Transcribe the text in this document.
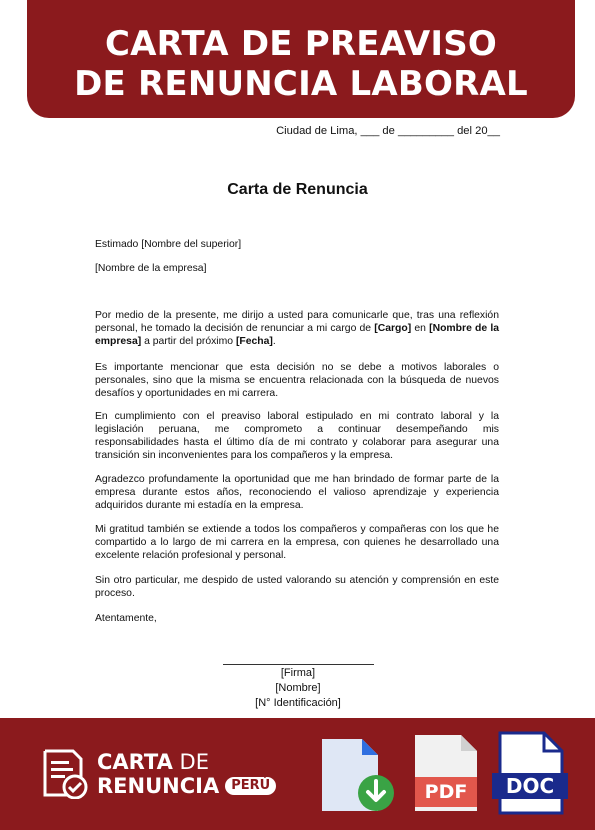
CARTA DE PREAVISO
DE RENUNCIA LABORAL
Ciudad de Lima, ___ de _________ del 20__
Carta de Renuncia
Estimado [Nombre del superior]
[Nombre de la empresa]
Por medio de la presente, me dirijo a usted para comunicarle que, tras una reflexión personal, he tomado la decisión de renunciar a mi cargo de [Cargo] en [Nombre de la empresa] a partir del próximo [Fecha].
Es importante mencionar que esta decisión no se debe a motivos laborales o personales, sino que la misma se encuentra relacionada con la búsqueda de nuevos desafíos y oportunidades en mi carrera.
En cumplimiento con el preaviso laboral estipulado en mi contrato laboral y la legislación peruana, me comprometo a continuar desempeñando mis responsabilidades hasta el último día de mi contrato y colaborar para asegurar una transición sin inconvenientes para los compañeros y la empresa.
Agradezco profundamente la oportunidad que me han brindado de formar parte de la empresa durante estos años, reconociendo el valioso aprendizaje y experiencia adquiridos durante mi estadía en la empresa.
Mi gratitud también se extiende a todos los compañeros y compañeras con los que he compartido a lo largo de mi carrera en la empresa, con quienes he desarrollado una excelente relación profesional y personal.
Sin otro particular, me despido de usted valorando su atención y comprensión en este proceso.
Atentamente,
[Firma]
[Nombre]
[N° Identificación]
CARTA DE
RENUNCIA PERÚ	PDF	DOC
